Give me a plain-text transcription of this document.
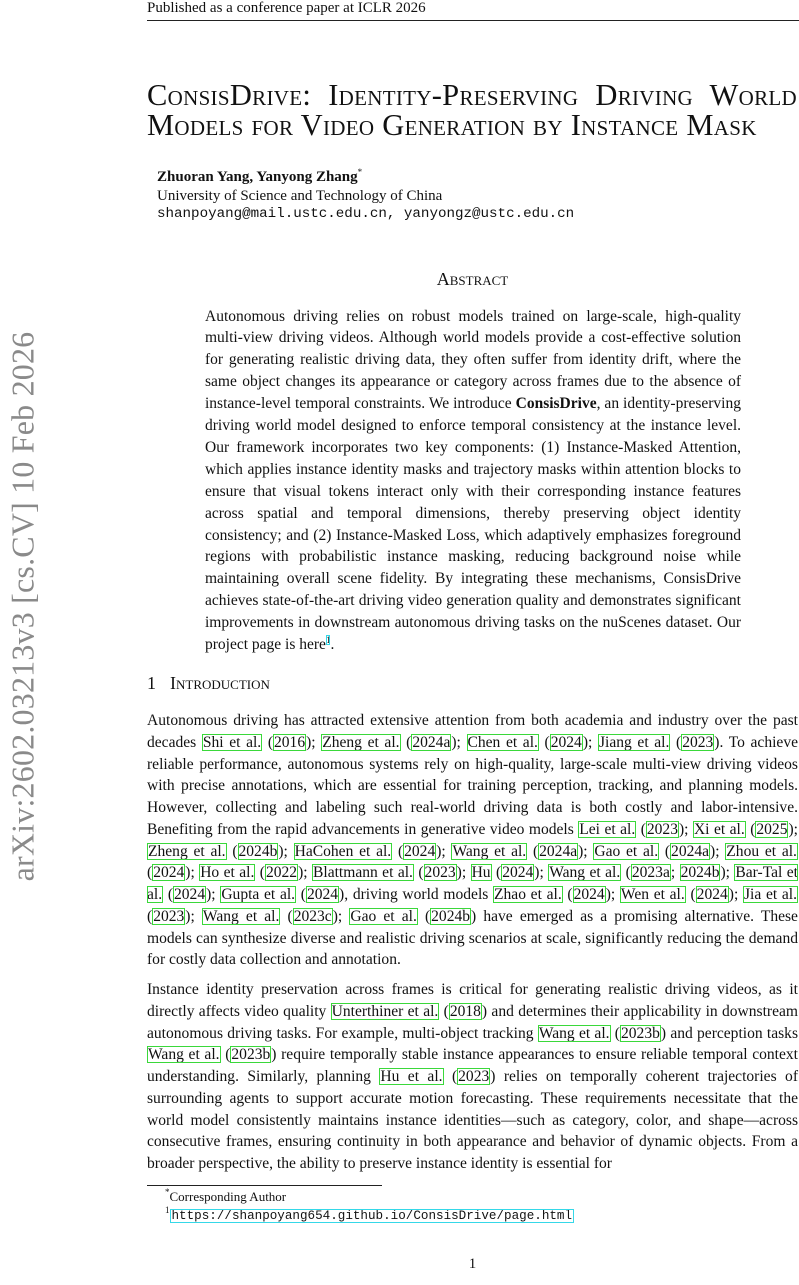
Published as a conference paper at ICLR 2026
arXiv:2602.03213v3 [cs.CV] 10 Feb 2026
ConsisDrive: Identity-Preserving Driving World Models for Video Generation by Instance Mask
Zhuoran Yang, Yanyong Zhang*
University of Science and Technology of China
shanpoyang@mail.ustc.edu.cn, yanyongz@ustc.edu.cn
Abstract
Autonomous driving relies on robust models trained on large-scale, high-quality multi-view driving videos. Although world models provide a cost-effective solution for generating realistic driving data, they often suffer from identity drift, where the same object changes its appearance or category across frames due to the absence of instance-level temporal constraints. We introduce ConsisDrive, an identity-preserving driving world model designed to enforce temporal consistency at the instance level. Our framework incorporates two key components: (1) Instance-Masked Attention, which applies instance identity masks and trajectory masks within attention blocks to ensure that visual tokens interact only with their corresponding instance features across spatial and temporal dimensions, thereby preserving object identity consistency; and (2) Instance-Masked Loss, which adaptively emphasizes foreground regions with probabilistic instance masking, reducing background noise while maintaining overall scene fidelity. By integrating these mechanisms, ConsisDrive achieves state-of-the-art driving video generation quality and demonstrates significant improvements in downstream autonomous driving tasks on the nuScenes dataset. Our project page is here$^1$.
1 Introduction
Autonomous driving has attracted extensive attention from both academia and industry over the past decades Shi et al. (2016); Zheng et al. (2024a); Chen et al. (2024); Jiang et al. (2023). To achieve reliable performance, autonomous systems rely on high-quality, large-scale multi-view driving videos with precise annotations, which are essential for training perception, tracking, and planning models. However, collecting and labeling such real-world driving data is both costly and labor-intensive. Benefiting from the rapid advancements in generative video models Lei et al. (2023); Xi et al. (2025); Zheng et al. (2024b); HaCohen et al. (2024); Wang et al. (2024a); Gao et al. (2024a); Zhou et al. (2024); Ho et al. (2022); Blattmann et al. (2023); Hu (2024); Wang et al. (2023a; 2024b); Bar-Tal et al. (2024); Gupta et al. (2024), driving world models Zhao et al. (2024); Wen et al. (2024); Jia et al. (2023); Wang et al. (2023c); Gao et al. (2024b) have emerged as a promising alternative. These models can synthesize diverse and realistic driving scenarios at scale, significantly reducing the demand for costly data collection and annotation.
Instance identity preservation across frames is critical for generating realistic driving videos, as it directly affects video quality Unterthiner et al. (2018) and determines their applicability in downstream autonomous driving tasks. For example, multi-object tracking Wang et al. (2023b) and perception tasks Wang et al. (2023b) require temporally stable instance appearances to ensure reliable temporal context understanding. Similarly, planning Hu et al. (2023) relies on temporally coherent trajectories of surrounding agents to support accurate motion forecasting. These requirements necessitate that the world model consistently maintains instance identities—such as category, color, and shape—across consecutive frames, ensuring continuity in both appearance and behavior of dynamic objects. From a broader perspective, the ability to preserve instance identity is essential for
*Corresponding Author
$^1$ https://shanpoyang654.github.io/ConsisDrive/page.html
1
